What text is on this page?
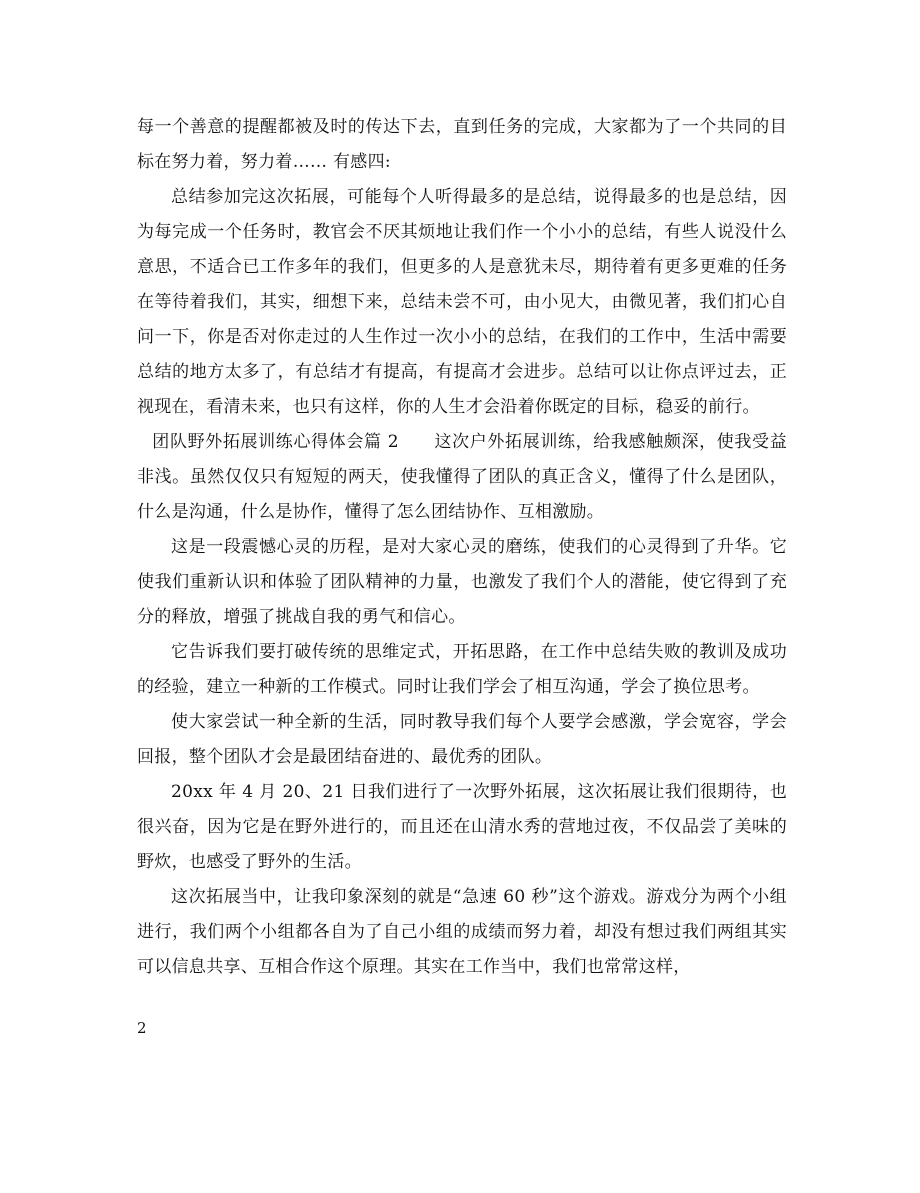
每一个善意的提醒都被及时的传达下去，直到任务的完成，大家都为了一个共同的目标在努力着，努力着…… 有感四:

总结参加完这次拓展，可能每个人听得最多的是总结，说得最多的也是总结，因为每完成一个任务时，教官会不厌其烦地让我们作一个小小的总结，有些人说没什么意思，不适合已工作多年的我们，但更多的人是意犹未尽，期待着有更多更难的任务在等待着我们，其实，细想下来，总结未尝不可，由小见大，由微见著，我们扪心自问一下，你是否对你走过的人生作过一次小小的总结，在我们的工作中，生活中需要总结的地方太多了，有总结才有提高，有提高才会进步。总结可以让你点评过去，正视现在，看清未来，也只有这样，你的人生才会沿着你既定的目标，稳妥的前行。

团队野外拓展训练心得体会篇 2　　这次户外拓展训练，给我感触颇深，使我受益非浅。虽然仅仅只有短短的两天，使我懂得了团队的真正含义，懂得了什么是团队，什么是沟通，什么是协作，懂得了怎么团结协作、互相激励。

这是一段震憾心灵的历程，是对大家心灵的磨练，使我们的心灵得到了升华。它使我们重新认识和体验了团队精神的力量，也激发了我们个人的潜能，使它得到了充分的释放，增强了挑战自我的勇气和信心。

它告诉我们要打破传统的思维定式，开拓思路，在工作中总结失败的教训及成功的经验，建立一种新的工作模式。同时让我们学会了相互沟通，学会了换位思考。

使大家尝试一种全新的生活，同时教导我们每个人要学会感激，学会宽容，学会回报，整个团队才会是最团结奋进的、最优秀的团队。

20xx 年 4 月 20、21 日我们进行了一次野外拓展，这次拓展让我们很期待，也很兴奋，因为它是在野外进行的，而且还在山清水秀的营地过夜，不仅品尝了美味的野炊，也感受了野外的生活。

这次拓展当中，让我印象深刻的就是“急速 60 秒”这个游戏。游戏分为两个小组进行，我们两个小组都各自为了自己小组的成绩而努力着，却没有想过我们两组其实可以信息共享、互相合作这个原理。其实在工作当中，我们也常常这样，

2
